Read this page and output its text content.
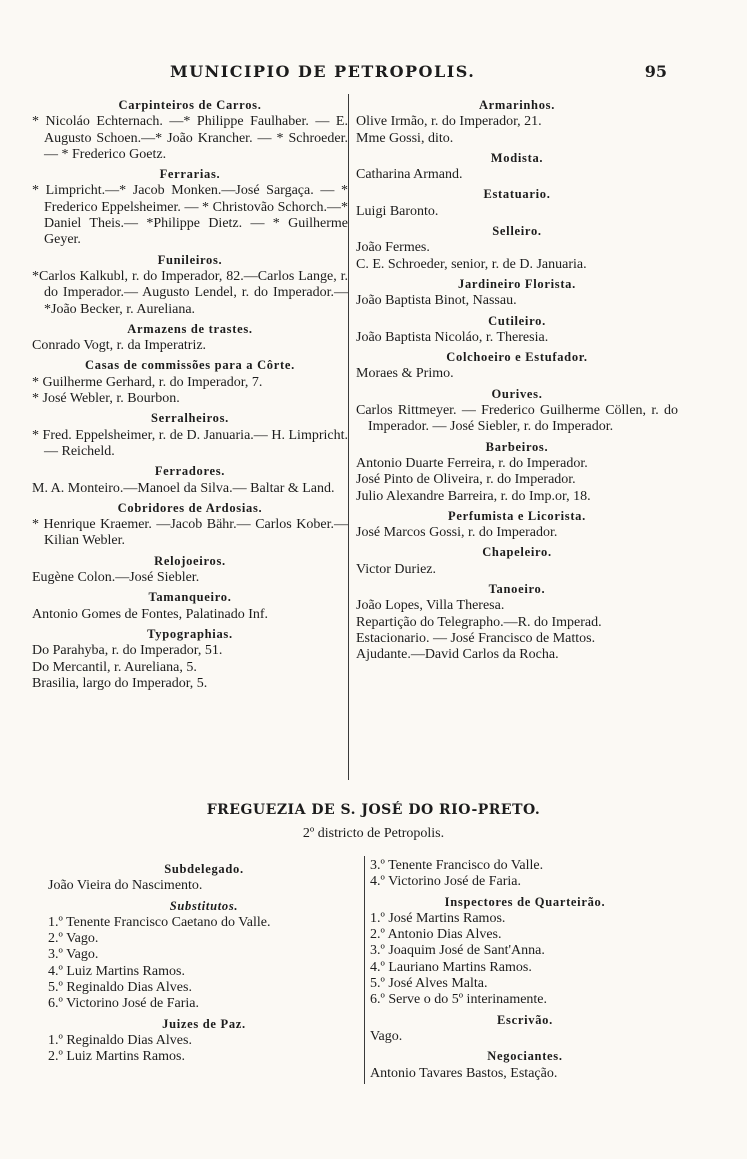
MUNICIPIO DE PETROPOLIS.	95
Carpinteiros de Carros.
* Nicoláo Echternach. —* Philippe Faulhaber. — E. Augusto Schoen.—* João Krancher. — * Schroeder. — * Frederico Goetz.
Ferrarias.
* Limpricht.—* Jacob Monken.—José Sargaça. — * Frederico Eppelsheimer. — * Christovão Schorch.—* Daniel Theis.— *Philippe Dietz. — * Guilherme Geyer.
Funileiros.
*Carlos Kalkubl, r. do Imperador, 82.—Carlos Lange, r. do Imperador.— Augusto Lendel, r. do Imperador.—*João Becker, r. Aureliana.
Armazens de trastes.
Conrado Vogt, r. da Imperatriz.
Casas de commissões para a Côrte.
* Guilherme Gerhard, r. do Imperador, 7.
* José Webler, r. Bourbon.
Serralheiros.
* Fred. Eppelsheimer, r. de D. Januaria.— H. Limpricht. — Reicheld.
Ferradores.
M. A. Monteiro.—Manoel da Silva.— Baltar & Land.
Cobridores de Ardosias.
* Henrique Kraemer. —Jacob Bähr.— Carlos Kober.—Kilian Webler.
Relojoeiros.
Eugène Colon.—José Siebler.
Tamanqueiro.
Antonio Gomes de Fontes, Palatinado Inf.
Typographias.
Do Parahyba, r. do Imperador, 51.
Do Mercantil, r. Aureliana, 5.
Brasilia, largo do Imperador, 5.
Armarinhos.
Olive Irmão, r. do Imperador, 21.
Mme Gossi, dito.
Modista.
Catharina Armand.
Estatuario.
Luigi Baronto.
Selleiro.
João Fermes.
C. E. Schroeder, senior, r. de D. Januaria.
Jardineiro Florista.
João Baptista Binot, Nassau.
Cutileiro.
João Baptista Nicoláo, r. Theresia.
Colchoeiro e Estufador.
Moraes & Primo.
Ourives.
Carlos Rittmeyer. — Frederico Guilherme Cöllen, r. do Imperador. — José Siebler, r. do Imperador.
Barbeiros.
Antonio Duarte Ferreira, r. do Imperador.
José Pinto de Oliveira, r. do Imperador.
Julio Alexandre Barreira, r. do Imp.or, 18.
Perfumista e Licorista.
José Marcos Gossi, r. do Imperador.
Chapeleiro.
Victor Duriez.
Tanoeiro.
João Lopes, Villa Theresa.
Repartição do Telegrapho.—R. do Imperad.
Estacionario. — José Francisco de Mattos.
Ajudante.—David Carlos da Rocha.
FREGUEZIA DE S. JOSÉ DO RIO-PRETO.
2º districto de Petropolis.
Subdelegado.
João Vieira do Nascimento.
Substitutos.
1.º Tenente Francisco Caetano do Valle.
2.º Vago.
3.º Vago.
4.º Luiz Martins Ramos.
5.º Reginaldo Dias Alves.
6.º Victorino José de Faria.
Juizes de Paz.
1.º Reginaldo Dias Alves.
2.º Luiz Martins Ramos.
3.º Tenente Francisco do Valle.
4.º Victorino José de Faria.
Inspectores de Quarteirão.
1.º José Martins Ramos.
2.º Antonio Dias Alves.
3.º Joaquim José de Sant'Anna.
4.º Lauriano Martins Ramos.
5.º José Alves Malta.
6.º Serve o do 5º interinamente.
Escrivão.
Vago.
Negociantes.
Antonio Tavares Bastos, Estação.
